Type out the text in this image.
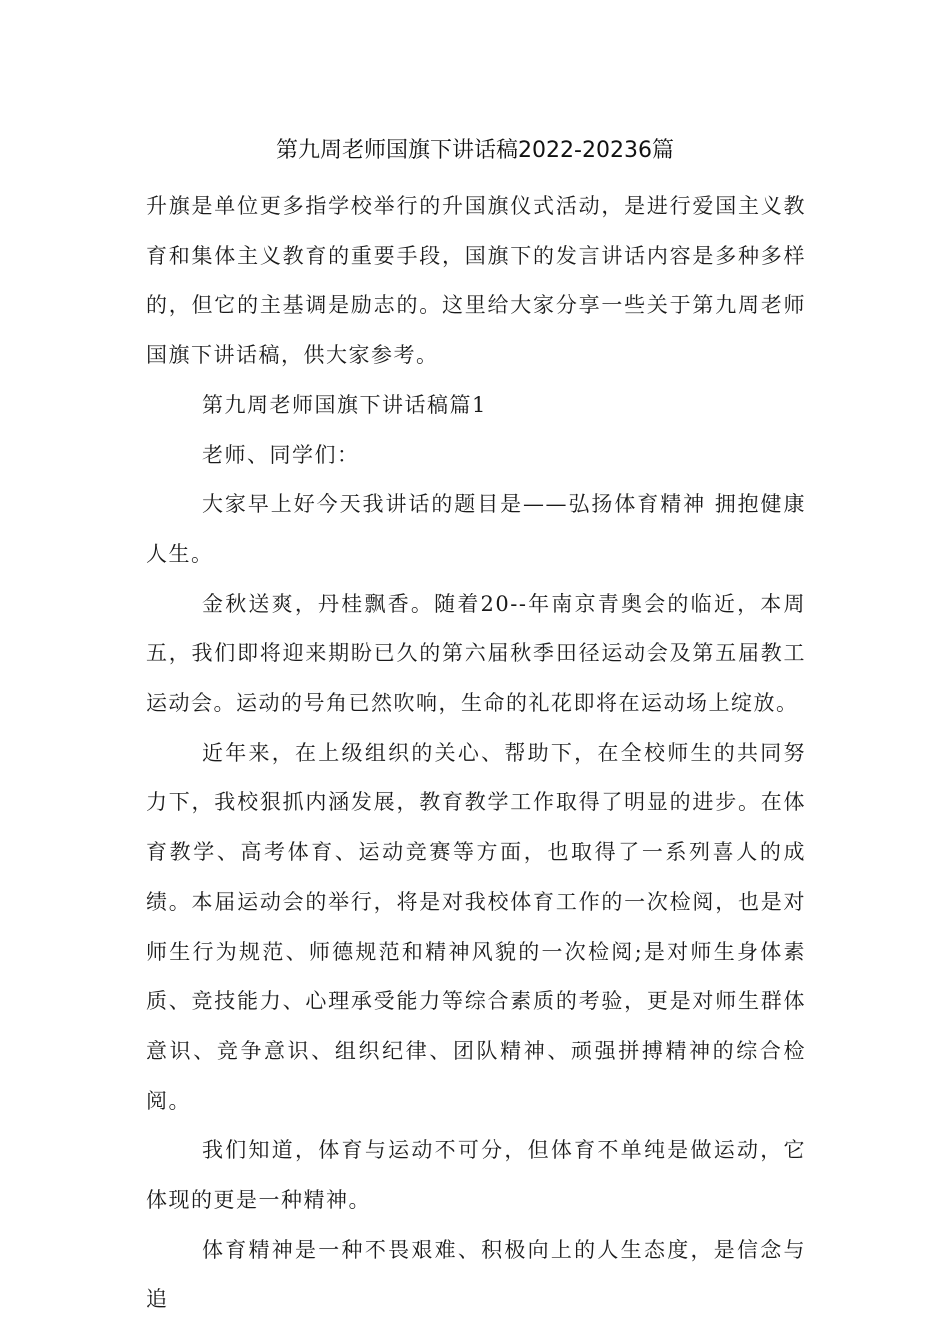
第九周老师国旗下讲话稿2022-20236篇

升旗是单位更多指学校举行的升国旗仪式活动，是进行爱国主义教育和集体主义教育的重要手段，国旗下的发言讲话内容是多种多样的，但它的主基调是励志的。这里给大家分享一些关于第九周老师国旗下讲话稿，供大家参考。

第九周老师国旗下讲话稿篇1

老师、同学们：

大家早上好今天我讲话的题目是——弘扬体育精神 拥抱健康人生。

金秋送爽，丹桂飘香。随着20--年南京青奥会的临近，本周五，我们即将迎来期盼已久的第六届秋季田径运动会及第五届教工运动会。运动的号角已然吹响，生命的礼花即将在运动场上绽放。

近年来，在上级组织的关心、帮助下，在全校师生的共同努力下，我校狠抓内涵发展，教育教学工作取得了明显的进步。在体育教学、高考体育、运动竞赛等方面，也取得了一系列喜人的成绩。本届运动会的举行，将是对我校体育工作的一次检阅，也是对师生行为规范、师德规范和精神风貌的一次检阅;是对师生身体素质、竞技能力、心理承受能力等综合素质的考验，更是对师生群体意识、竞争意识、组织纪律、团队精神、顽强拼搏精神的综合检阅。

我们知道，体育与运动不可分，但体育不单纯是做运动，它体现的更是一种精神。

体育精神是一种不畏艰难、积极向上的人生态度，是信念与追
